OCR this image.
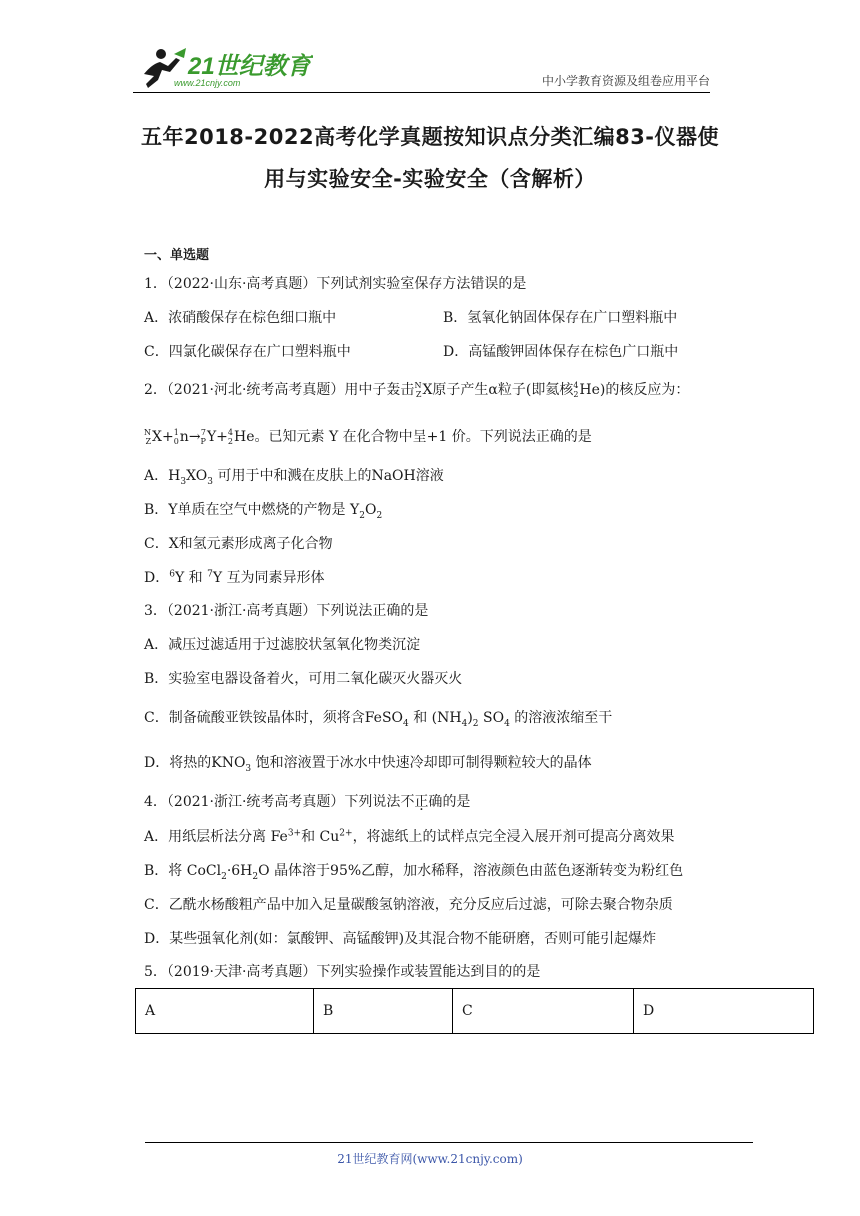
21世纪教育
www.21cnjy.com	中小学教育资源及组卷应用平台
五年2018-2022高考化学真题按知识点分类汇编83-仪器使
用与实验安全-实验安全（含解析）
一、单选题
1．（2022·山东·高考真题）下列试剂实验室保存方法错误的是
A．浓硝酸保存在棕色细口瓶中	B．氢氧化钠固体保存在广口塑料瓶中
C．四氯化碳保存在广口塑料瓶中	D．高锰酸钾固体保存在棕色广口瓶中
2．（2021·河北·统考高考真题）用中子轰击 N
Z X原子产生α粒子(即氦核 4
2 He)的核反应为：
N
Z X+ 1
0 n→ 7
P Y+ 4
2 He。已知元素 Y 在化合物中呈+1 价。下列说法正确的是
A．$H_3XO_3$ 可用于中和溅在皮肤上的NaOH溶液
B．Y单质在空气中燃烧的产物是 $Y_2O_2$
C．X和氢元素形成离子化合物
D．$^6$Y 和 $^7$Y 互为同素异形体
3．（2021·浙江·高考真题）下列说法正确的是
A．减压过滤适用于过滤胶状氢氧化物类沉淀
B．实验室电器设备着火，可用二氧化碳灭火器灭火
C．制备硫酸亚铁铵晶体时，须将含FeSO$_4$ 和 $(NH_4)_2$ $SO_4$ 的溶液浓缩至干
D．将热的$KNO_3$ 饱和溶液置于冰水中快速冷却即可制得颗粒较大的晶体
4．（2021·浙江·统考高考真题）下列说法不正确的是
A．用纸层析法分离 $Fe^{3+}$和 $Cu^{2+}$，将滤纸上的试样点完全浸入展开剂可提高分离效果
B．将 $CoCl_2\cdot 6H_2O$ 晶体溶于95%乙醇，加水稀释，溶液颜色由蓝色逐渐转变为粉红色
C．乙酰水杨酸粗产品中加入足量碳酸氢钠溶液，充分反应后过滤，可除去聚合物杂质
D．某些强氧化剂(如：氯酸钾、高锰酸钾)及其混合物不能研磨，否则可能引起爆炸
5．（2019·天津·高考真题）下列实验操作或装置能达到目的的是
A	B	C	D
21世纪教育网(www.21cnjy.com)
